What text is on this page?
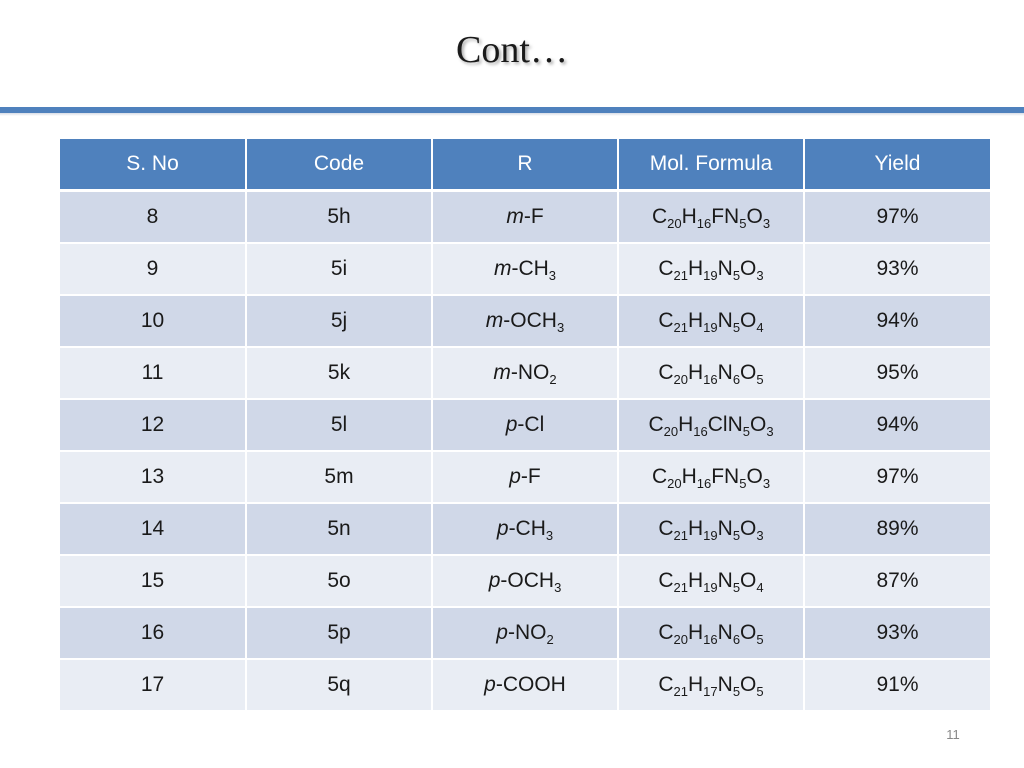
Cont…
S. No	Code	R	Mol. Formula	Yield
8	5h	m-F	$C_{20}H_{16}FN_5O_3$	97%
9	5i	$m-CH_3$	$C_{21}H_{19}N_5O_3$	93%
10	5j	$m-OCH_3$	$C_{21}H_{19}N_5O_4$	94%
11	5k	$m-NO_2$	$C_{20}H_{16}N_6O_5$	95%
12	5l	p-Cl	$C_{20}H_{16}ClN_5O_3$	94%
13	5m	p-F	$C_{20}H_{16}FN_5O_3$	97%
14	5n	$p-CH_3$	$C_{21}H_{19}N_5O_3$	89%
15	5o	$p-OCH_3$	$C_{21}H_{19}N_5O_4$	87%
16	5p	$p-NO_2$	$C_{20}H_{16}N_6O_5$	93%
17	5q	p-COOH	$C_{21}H_{17}N_5O_5$	91%
11
